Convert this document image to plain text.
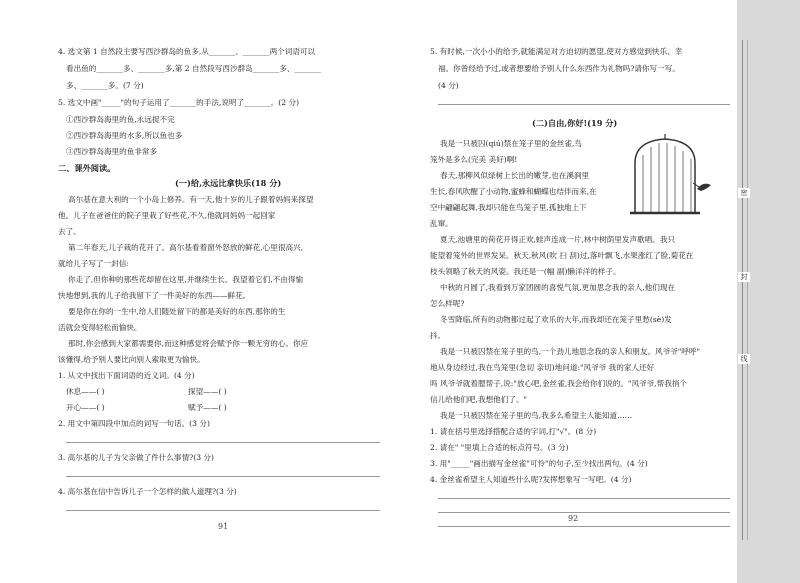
4. 选文第 1 自然段主要写西沙群岛的鱼多,从_______、_______两个词语可以
看出鱼的_______多、_______多,第 2 自然段写西沙群岛_______多、_______
多、_______多。(7 分)
5. 选文中画"_____"的句子运用了_______的手法,说明了_______。(2 分)
①西沙群岛海里的鱼,永远捉不完
②西沙群岛海里的水多,所以鱼也多
③西沙群岛海里的鱼非常多
二、课外阅读。
(一)给,永远比拿快乐(18 分)
高尔基在意大利的一个小岛上修养。有一天,他十岁的儿子跟着妈妈来探望
他。儿子在爸爸住的院子里栽了好些花,不久,他就同妈妈一起回家
去了。
第二年春天,儿子栽的花开了。高尔基看着窗外怒放的鲜花,心里很高兴,
就给儿子写了一封信:
你走了,但你种的那些花却留在这里,并继续生长。我望着它们,不由得愉
快地想到,我的儿子给我留下了一件美好的东西——鲜花。
要是你在你的一生中,给人们随处留下的都是美好的东西,那你的生
活就会变得轻松而愉快。
那时,你会感到大家都需要你,而这种感觉将会赋予你一颗无穷的心。你应
该懂得,给予别人要比向别人索取更为愉快。
1. 从文中找出下面词语的近义词。(4 分)
休息——( )	探望——( )
开心——( )	赋予——( )
2. 用文中第四段中加点的词写一句话。(3 分)
3. 高尔基的儿子为父亲做了件什么事情?(3 分)
4. 高尔基在信中告诉儿子一个怎样的做人道理?(3 分)
91
5. 有时候,一次小小的给予,就能满足对方迫切的愿望,使对方感觉到快乐、幸
福。你曾经给予过,或者想要给予别人什么东西作为礼物吗?请你写一写。
(4 分)
(二)自由,你好!(19 分)
我是一只被囚(qiú)禁在笼子里的金丝雀,鸟
笼外是多么(完美 美好)啊!
春天,那柳风似绿树上长出的嫩芽,也在溪涧里
生长,春风吹醒了小动物,蜜蜂和蝴蝶也结伴而来,在
空中翩翩起舞,我却只能在鸟笼子里,孤独地上下
乱窜。
夏天,池塘里的荷花开得正欢,蛙声连成一片,林中树荫里发声歌唱。我只
能望着笼外的世界发呆。秋天,秋风(吹 扫 刮)过,落叶飘飞,水果涨红了脸,菊花在
枝头领略了秋天的风姿。我还是一(幅 副)懒洋洋的样子。
中秋的月圆了,我看到万家团圆的喜悦气氛,更加思念我的亲人,他们现在
怎么样呢?
冬雪降临,所有的动物都过起了欢乐的大年,而我却还在笼子里愁(sè)发
抖。
我是一只被囚禁在笼子里的鸟,一个劲儿地思念我的亲人和朋友。风爷爷"呼呼"
地从身边经过,我在鸟笼里(急切 亲切)地问道:"风爷爷 我的家人还好
吗 风爷爷就着腮帮子,说:"放心吧,金丝雀,我会给你们说的。"风爷爷,帮我捎个
信儿给他们吧,我想他们了。"
我是一只被囚禁在笼子里的鸟,我多么希望主人能知道……
1. 请在括号里选择搭配合适的字词,打"√"。(8 分)
2. 请在" "里填上合适的标点符号。(3 分)
3. 用"_____"画出描写金丝雀"可怜"的句子,至少找出两句。(4 分)
4. 金丝雀希望主人知道些什么呢?发挥想象写一写吧。(4 分)
92
密
封
线
